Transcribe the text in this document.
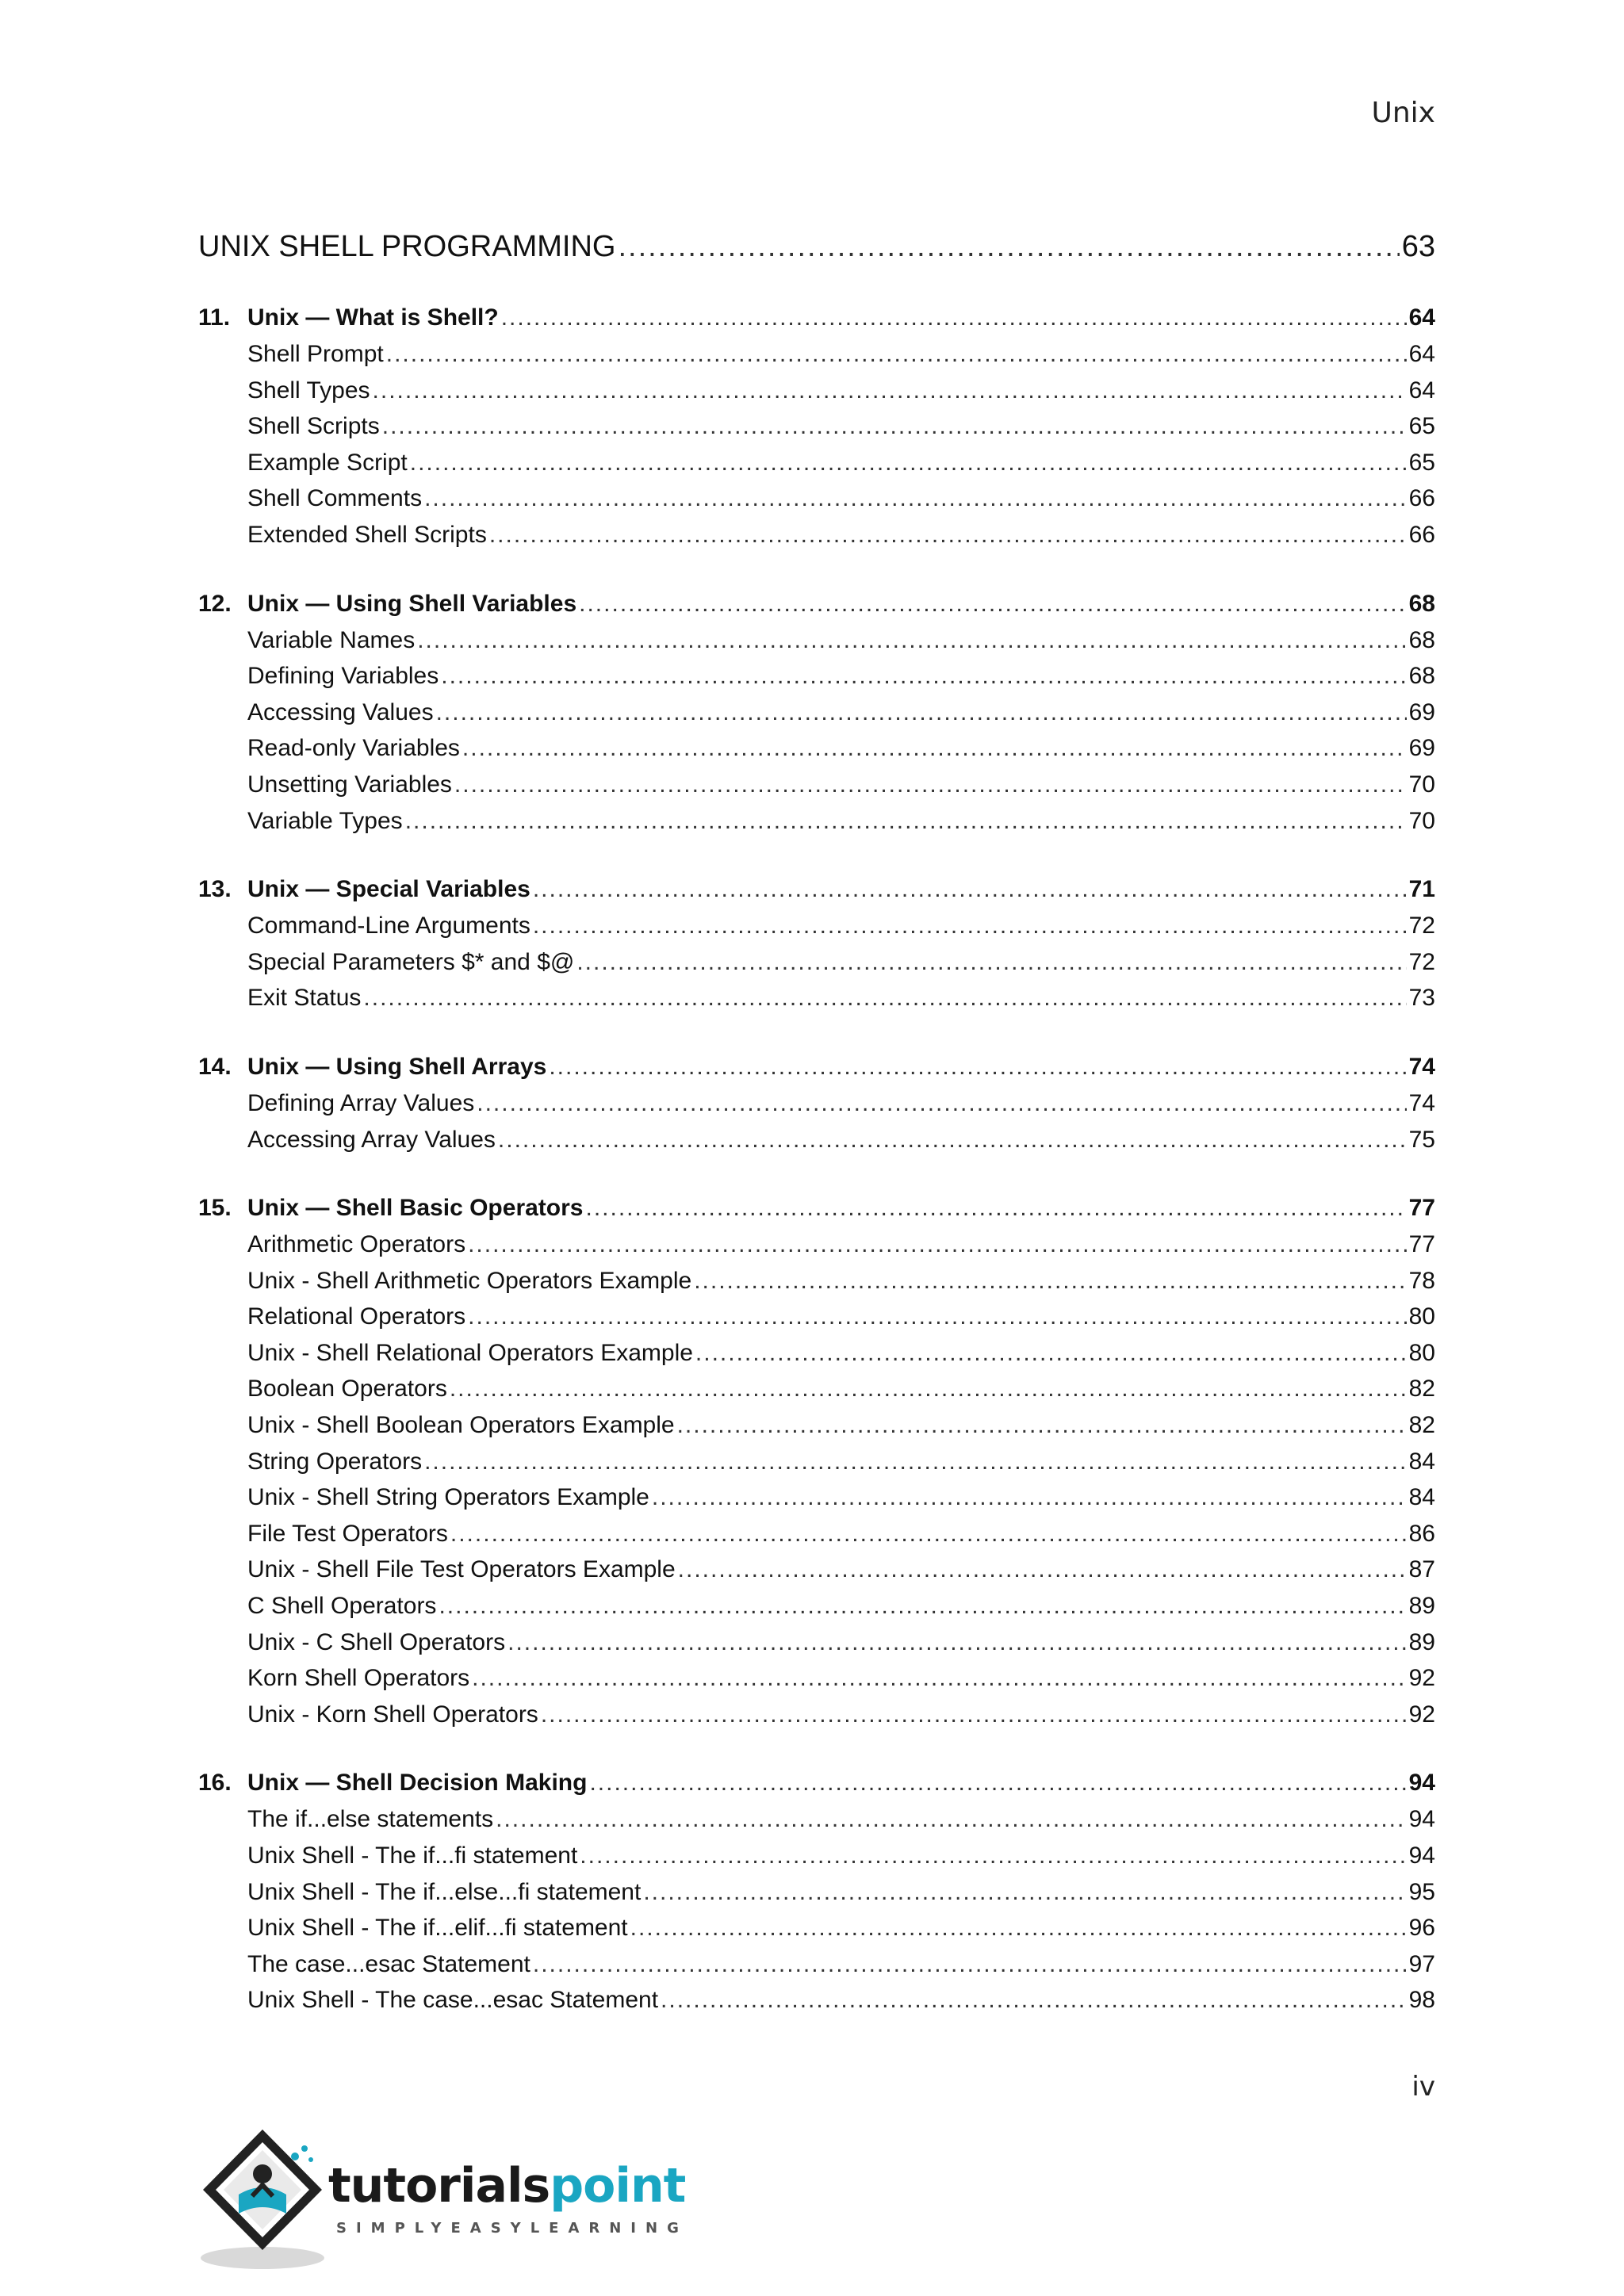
Unix
UNIX SHELL PROGRAMMING .....	63
11. Unix — What is Shell? .....	64
Shell Prompt .....	64
Shell Types .....	64
Shell Scripts .....	65
Example Script .....	65
Shell Comments .....	66
Extended Shell Scripts .....	66
12. Unix — Using Shell Variables .....	68
Variable Names .....	68
Defining Variables .....	68
Accessing Values .....	69
Read-only Variables .....	69
Unsetting Variables .....	70
Variable Types .....	70
13. Unix — Special Variables .....	71
Command-Line Arguments .....	72
Special Parameters $* and $@ .....	72
Exit Status .....	73
14. Unix — Using Shell Arrays .....	74
Defining Array Values .....	74
Accessing Array Values .....	75
15. Unix — Shell Basic Operators .....	77
Arithmetic Operators .....	77
Unix - Shell Arithmetic Operators Example .....	78
Relational Operators .....	80
Unix - Shell Relational Operators Example .....	80
Boolean Operators .....	82
Unix - Shell Boolean Operators Example .....	82
String Operators .....	84
Unix - Shell String Operators Example .....	84
File Test Operators .....	86
Unix - Shell File Test Operators Example .....	87
C Shell Operators .....	89
Unix - C Shell Operators .....	89
Korn Shell Operators .....	92
Unix - Korn Shell Operators .....	92
16. Unix — Shell Decision Making .....	94
The if...else statements .....	94
Unix Shell - The if...fi statement .....	94
Unix Shell - The if...else...fi statement .....	95
Unix Shell - The if...elif...fi statement .....	96
The case...esac Statement .....	97
Unix Shell - The case...esac Statement .....	98
iv
tutorialspoint
SIMPLYEASYLEARNING
